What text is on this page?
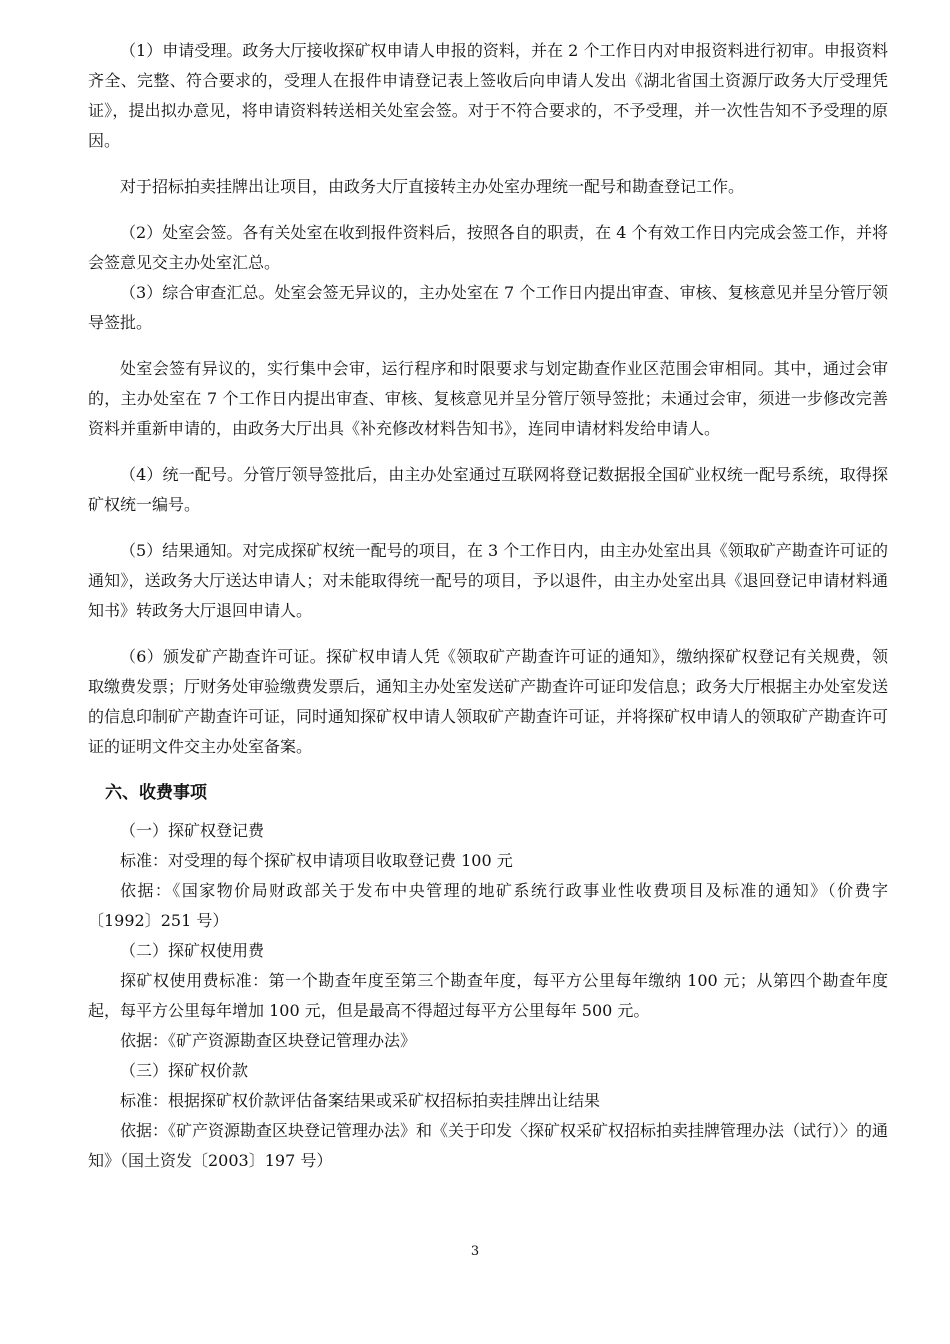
（1）申请受理。政务大厅接收探矿权申请人申报的资料，并在 2 个工作日内对申报资料进行初审。申报资料齐全、完整、符合要求的，受理人在报件申请登记表上签收后向申请人发出《湖北省国土资源厅政务大厅受理凭证》，提出拟办意见，将申请资料转送相关处室会签。对于不符合要求的，不予受理，并一次性告知不予受理的原因。

对于招标拍卖挂牌出让项目，由政务大厅直接转主办处室办理统一配号和勘查登记工作。

（2）处室会签。各有关处室在收到报件资料后，按照各自的职责，在 4 个有效工作日内完成会签工作，并将会签意见交主办处室汇总。

（3）综合审查汇总。处室会签无异议的，主办处室在 7 个工作日内提出审查、审核、复核意见并呈分管厅领导签批。

处室会签有异议的，实行集中会审，运行程序和时限要求与划定勘查作业区范围会审相同。其中，通过会审的，主办处室在 7 个工作日内提出审查、审核、复核意见并呈分管厅领导签批；未通过会审，须进一步修改完善资料并重新申请的，由政务大厅出具《补充修改材料告知书》，连同申请材料发给申请人。

（4）统一配号。分管厅领导签批后，由主办处室通过互联网将登记数据报全国矿业权统一配号系统，取得探矿权统一编号。

（5）结果通知。对完成探矿权统一配号的项目，在 3 个工作日内，由主办处室出具《领取矿产勘查许可证的通知》，送政务大厅送达申请人；对未能取得统一配号的项目，予以退件，由主办处室出具《退回登记申请材料通知书》转政务大厅退回申请人。

（6）颁发矿产勘查许可证。探矿权申请人凭《领取矿产勘查许可证的通知》，缴纳探矿权登记有关规费，领取缴费发票；厅财务处审验缴费发票后，通知主办处室发送矿产勘查许可证印发信息；政务大厅根据主办处室发送的信息印制矿产勘查许可证，同时通知探矿权申请人领取矿产勘查许可证，并将探矿权申请人的领取矿产勘查许可证的证明文件交主办处室备案。

六、收费事项

（一）探矿权登记费

标准：对受理的每个探矿权申请项目收取登记费 100 元

依据：《国家物价局财政部关于发布中央管理的地矿系统行政事业性收费项目及标准的通知》（价费字〔1992〕251 号）

（二）探矿权使用费

探矿权使用费标准：第一个勘查年度至第三个勘查年度，每平方公里每年缴纳 100 元；从第四个勘查年度起，每平方公里每年增加 100 元，但是最高不得超过每平方公里每年 500 元。

依据：《矿产资源勘查区块登记管理办法》

（三）探矿权价款

标准：根据探矿权价款评估备案结果或采矿权招标拍卖挂牌出让结果

依据：《矿产资源勘查区块登记管理办法》和《关于印发〈探矿权采矿权招标拍卖挂牌管理办法（试行）〉的通知》（国土资发〔2003〕197 号）

3
